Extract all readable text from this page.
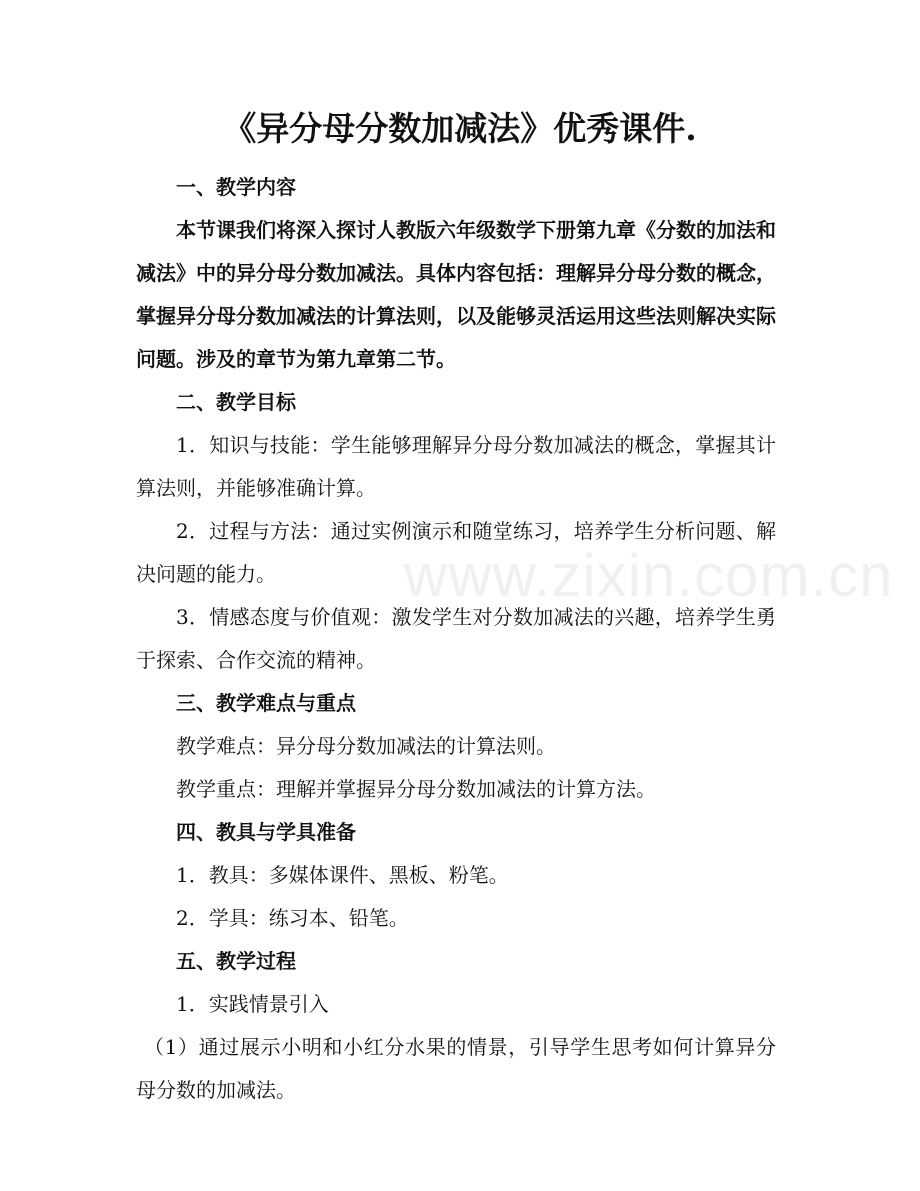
《异分母分数加减法》优秀课件.

一、教学内容

本节课我们将深入探讨人教版六年级数学下册第九章《分数的加法和减法》中的异分母分数加减法。具体内容包括：理解异分母分数的概念，掌握异分母分数加减法的计算法则，以及能够灵活运用这些法则解决实际问题。涉及的章节为第九章第二节。

二、教学目标

1．知识与技能：学生能够理解异分母分数加减法的概念，掌握其计算法则，并能够准确计算。

2．过程与方法：通过实例演示和随堂练习，培养学生分析问题、解决问题的能力。

3．情感态度与价值观：激发学生对分数加减法的兴趣，培养学生勇于探索、合作交流的精神。

三、教学难点与重点

教学难点：异分母分数加减法的计算法则。

教学重点：理解并掌握异分母分数加减法的计算方法。

四、教具与学具准备

1．教具：多媒体课件、黑板、粉笔。

2．学具：练习本、铅笔。

五、教学过程

1．实践情景引入

（1）通过展示小明和小红分水果的情景，引导学生思考如何计算异分母分数的加减法。

www.zixin.com.cn
